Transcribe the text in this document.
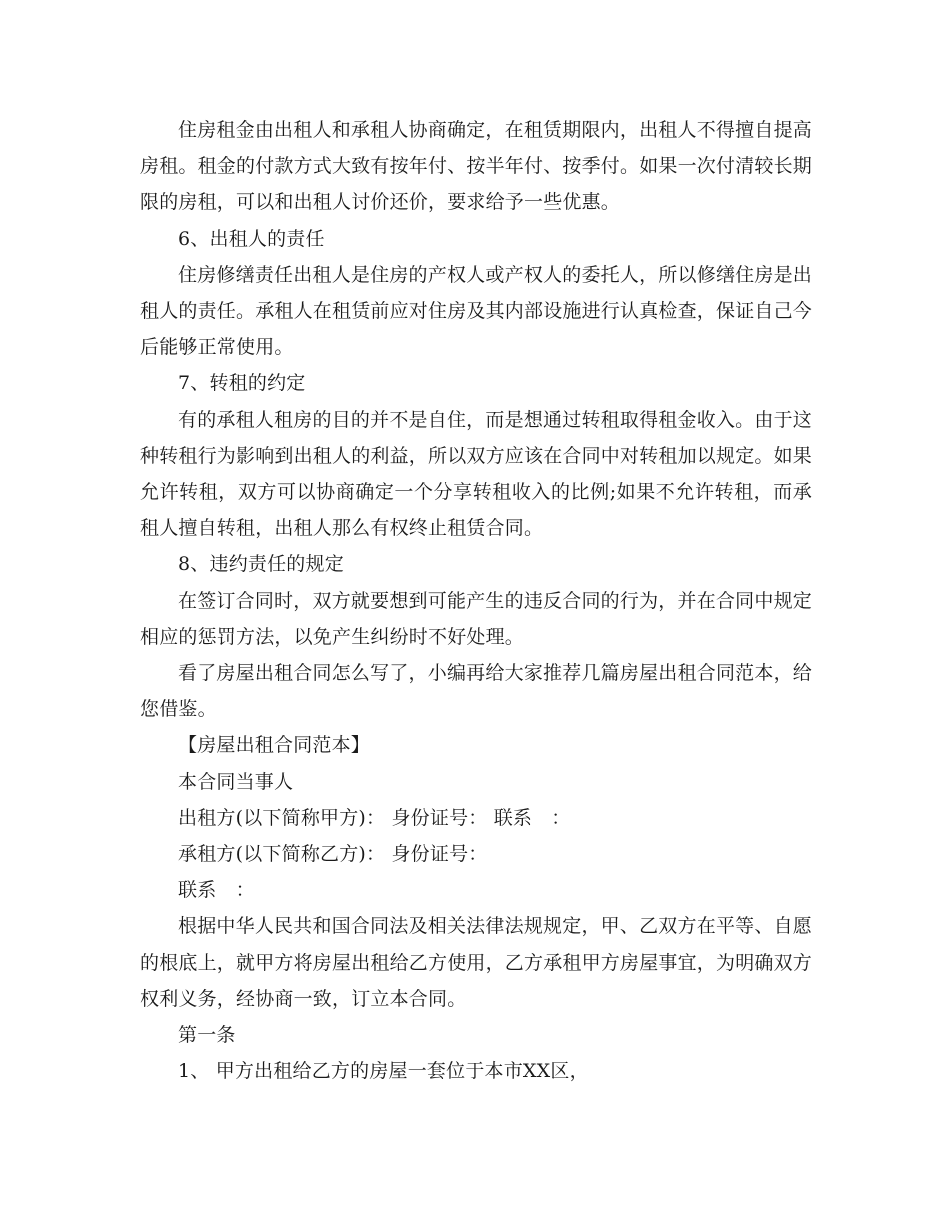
住房租金由出租人和承租人协商确定，在租赁期限内，出租人不得擅自提高房租。租金的付款方式大致有按年付、按半年付、按季付。如果一次付清较长期限的房租，可以和出租人讨价还价，要求给予一些优惠。

6、出租人的责任

住房修缮责任出租人是住房的产权人或产权人的委托人，所以修缮住房是出租人的责任。承租人在租赁前应对住房及其内部设施进行认真检查，保证自己今后能够正常使用。

7、转租的约定

有的承租人租房的目的并不是自住，而是想通过转租取得租金收入。由于这种转租行为影响到出租人的利益，所以双方应该在合同中对转租加以规定。如果允许转租，双方可以协商确定一个分享转租收入的比例;如果不允许转租，而承租人擅自转租，出租人那么有权终止租赁合同。

8、违约责任的规定

在签订合同时，双方就要想到可能产生的违反合同的行为，并在合同中规定相应的惩罚方法，以免产生纠纷时不好处理。

看了房屋出租合同怎么写了，小编再给大家推荐几篇房屋出租合同范本，给您借鉴。

【房屋出租合同范本】

本合同当事人

出租方(以下简称甲方)： 身份证号： 联系　：

承租方(以下简称乙方)： 身份证号：

联系　：

根据中华人民共和国合同法及相关法律法规规定，甲、乙双方在平等、自愿的根底上，就甲方将房屋出租给乙方使用，乙方承租甲方房屋事宜，为明确双方权利义务，经协商一致，订立本合同。

第一条

1、 甲方出租给乙方的房屋一套位于本市XX区，
